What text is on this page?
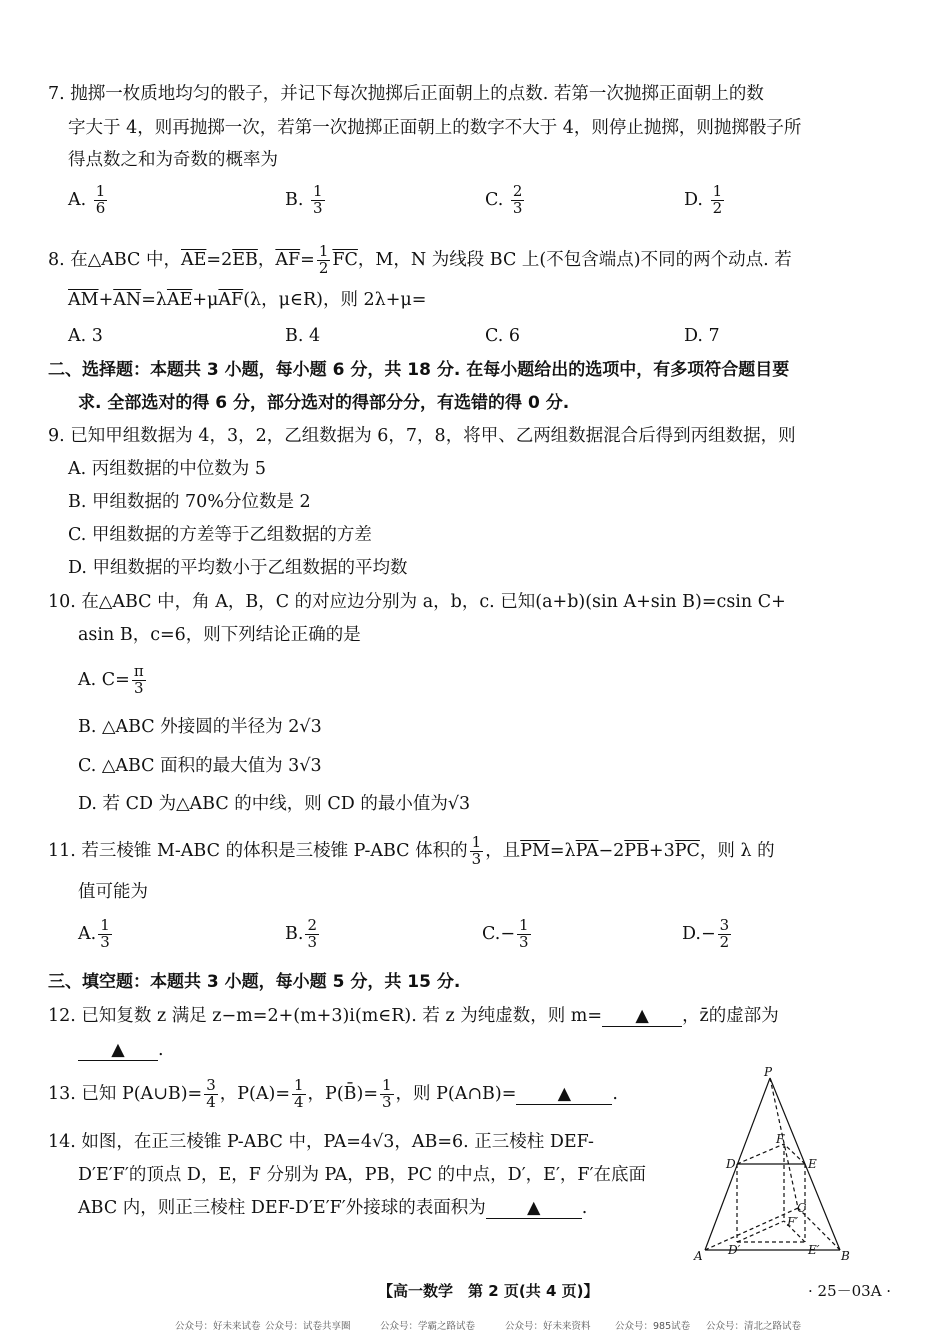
7. 抛掷一枚质地均匀的骰子，并记下每次抛掷后正面朝上的点数. 若第一次抛掷正面朝上的数
字大于 4，则再抛掷一次，若第一次抛掷正面朝上的数字不大于 4，则停止抛掷，则抛掷骰子所
得点数之和为奇数的概率为
A. $\frac{1}{6}$	B. $\frac{1}{3}$	C. $\frac{2}{3}$	D. $\frac{1}{2}$
8. 在△ABC 中，$\overline{AE}=2\overline{EB}$，$\overline{AF}= \frac{1}{2} \overline{FC}$，M，N 为线段 BC 上(不包含端点)不同的两个动点. 若
$\overline{AM}+\overline{AN}=\lambda\overline{AE}+\mu\overline{AF}(\lambda$，μ∈R)，则 2λ+μ=
A. 3	B. 4	C. 6	D. 7
二、选择题：本题共 3 小题，每小题 6 分，共 18 分. 在每小题给出的选项中，有多项符合题目要
求. 全部选对的得 6 分，部分选对的得部分分，有选错的得 0 分.
9. 已知甲组数据为 4，3，2，乙组数据为 6，7，8，将甲、乙两组数据混合后得到丙组数据，则
A. 丙组数据的中位数为 5
B. 甲组数据的 70%分位数是 2
C. 甲组数据的方差等于乙组数据的方差
D. 甲组数据的平均数小于乙组数据的平均数
10. 在△ABC 中，角 A，B，C 的对应边分别为 a，b，c. 已知(a+b)(sin A+sin B)=csin C+
asin B，c=6，则下列结论正确的是
A. $C= \frac{\pi}{3}$
B. △ABC 外接圆的半径为 2√3
C. △ABC 面积的最大值为 3√3
D. 若 CD 为△ABC 的中线，则 CD 的最小值为√3
11. 若三棱锥 M-ABC 的体积是三棱锥 P-ABC 体积的 $\frac{1}{3}$ ，且$\overline{PM}=\lambda\overline{PA}-2\overline{PB}+3\overline{PC}$，则 λ 的
值可能为
A. $\frac{1}{3}$	B. $\frac{2}{3}$	$C.- \frac{1}{3}$	$D.- \frac{3}{2}$
三、填空题：本题共 3 小题，每小题 5 分，共 15 分.
12. 已知复数 z 满足 z−m=2+(m+3)i(m∈R). 若 z 为纯虚数，则 m= ▲ ，z̄的虚部为
▲ .
13. 已知 P(A∪B)= $\frac{3}{4}$ ，$P(A)= \frac{1}{4}$ ，P(B̄)= $\frac{1}{3}$ ，则 P(A∩B)= ▲ .
14. 如图，在正三棱锥 P-ABC 中，PA=4√3，AB=6. 正三棱柱 DEF-
D′E′F′的顶点 D，E，F 分别为 PA，PB，PC 的中点，D′，E′，F′在底面
ABC 内，则正三棱柱 DEF-D′E′F′外接球的表面积为 ▲ .
P
A	B
C
D	E
F
D′	E′
F′
【高一数学　第 2 页(共 4 页)】	· 25－03A ·
公众号：好未来试卷 公众号：试卷共享圈	公众号：学霸之路试卷	公众号：好未来资料	公众号：985试卷 公众号：清北之路试卷
